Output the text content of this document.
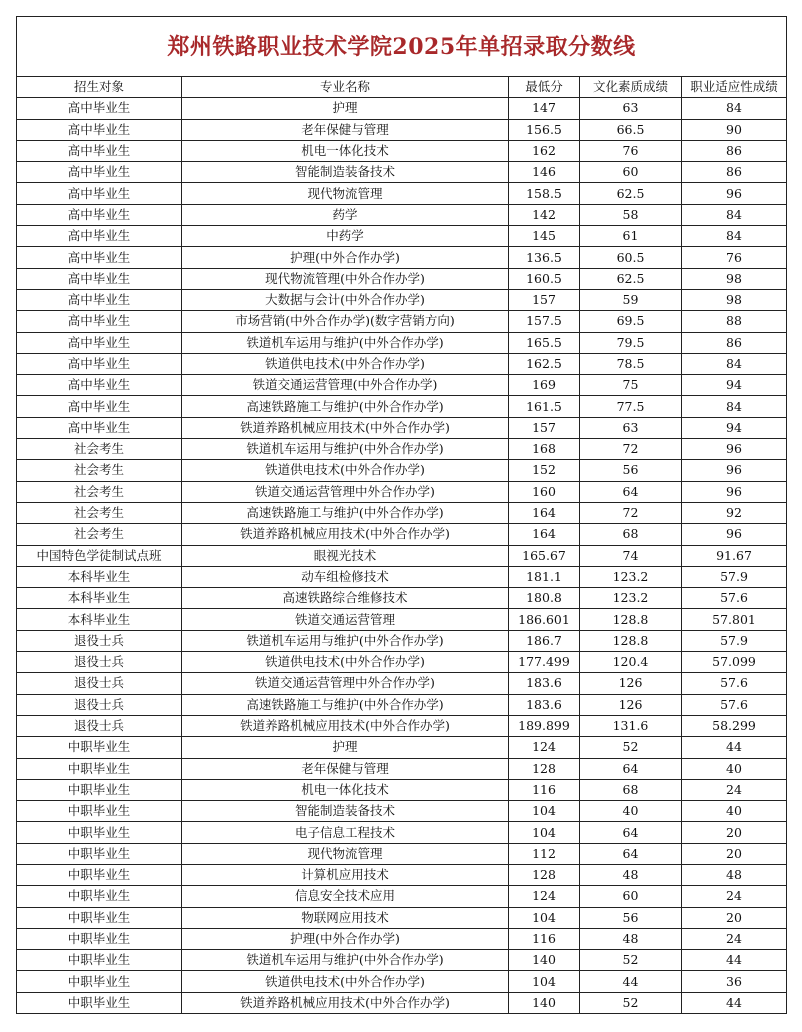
郑州铁路职业技术学院2025年单招录取分数线				
招生对象	专业名称	最低分	文化素质成绩	职业适应性成绩
高中毕业生	护理	147	63	84
高中毕业生	老年保健与管理	156.5	66.5	90
高中毕业生	机电一体化技术	162	76	86
高中毕业生	智能制造装备技术	146	60	86
高中毕业生	现代物流管理	158.5	62.5	96
高中毕业生	药学	142	58	84
高中毕业生	中药学	145	61	84
高中毕业生	护理(中外合作办学)	136.5	60.5	76
高中毕业生	现代物流管理(中外合作办学)	160.5	62.5	98
高中毕业生	大数据与会计(中外合作办学)	157	59	98
高中毕业生	市场营销(中外合作办学)(数字营销方向)	157.5	69.5	88
高中毕业生	铁道机车运用与维护(中外合作办学)	165.5	79.5	86
高中毕业生	铁道供电技术(中外合作办学)	162.5	78.5	84
高中毕业生	铁道交通运营管理(中外合作办学)	169	75	94
高中毕业生	高速铁路施工与维护(中外合作办学)	161.5	77.5	84
高中毕业生	铁道养路机械应用技术(中外合作办学)	157	63	94
社会考生	铁道机车运用与维护(中外合作办学)	168	72	96
社会考生	铁道供电技术(中外合作办学)	152	56	96
社会考生	铁道交通运营管理中外合作办学)	160	64	96
社会考生	高速铁路施工与维护(中外合作办学)	164	72	92
社会考生	铁道养路机械应用技术(中外合作办学)	164	68	96
中国特色学徒制试点班	眼视光技术	165.67	74	91.67
本科毕业生	动车组检修技术	181.1	123.2	57.9
本科毕业生	高速铁路综合维修技术	180.8	123.2	57.6
本科毕业生	铁道交通运营管理	186.601	128.8	57.801
退役士兵	铁道机车运用与维护(中外合作办学)	186.7	128.8	57.9
退役士兵	铁道供电技术(中外合作办学)	177.499	120.4	57.099
退役士兵	铁道交通运营管理中外合作办学)	183.6	126	57.6
退役士兵	高速铁路施工与维护(中外合作办学)	183.6	126	57.6
退役士兵	铁道养路机械应用技术(中外合作办学)	189.899	131.6	58.299
中职毕业生	护理	124	52	44
中职毕业生	老年保健与管理	128	64	40
中职毕业生	机电一体化技术	116	68	24
中职毕业生	智能制造装备技术	104	40	40
中职毕业生	电子信息工程技术	104	64	20
中职毕业生	现代物流管理	112	64	20
中职毕业生	计算机应用技术	128	48	48
中职毕业生	信息安全技术应用	124	60	24
中职毕业生	物联网应用技术	104	56	20
中职毕业生	护理(中外合作办学)	116	48	24
中职毕业生	铁道机车运用与维护(中外合作办学)	140	52	44
中职毕业生	铁道供电技术(中外合作办学)	104	44	36
中职毕业生	铁道养路机械应用技术(中外合作办学)	140	52	44
